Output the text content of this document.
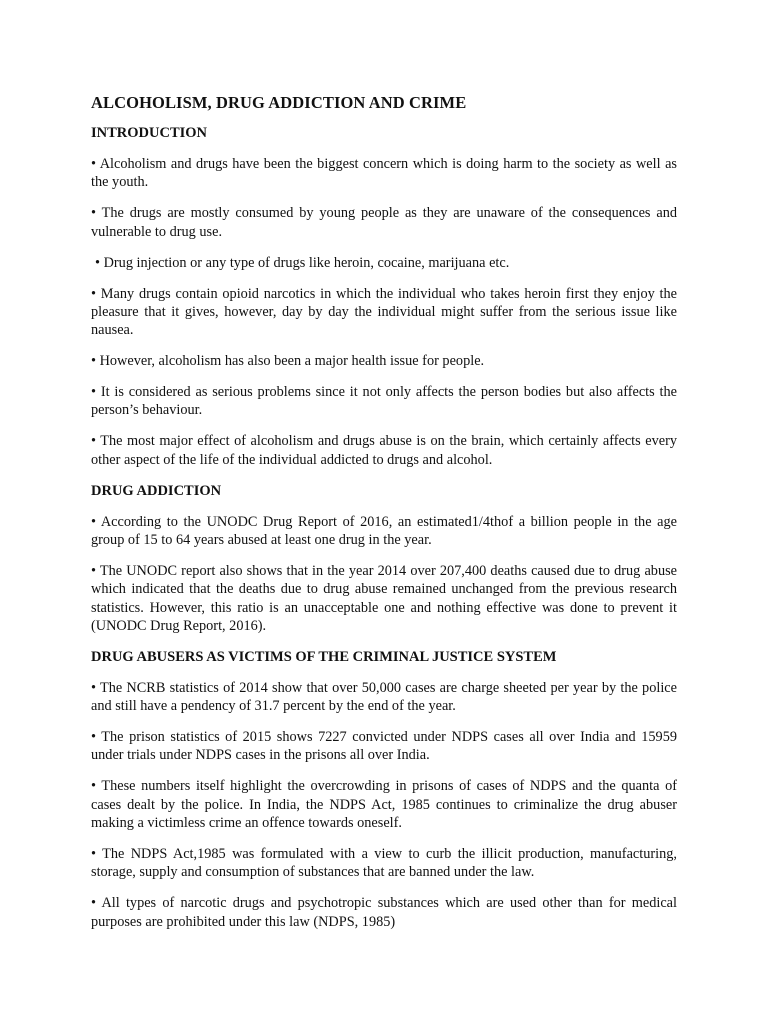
ALCOHOLISM, DRUG ADDICTION AND CRIME
INTRODUCTION

• Alcoholism and drugs have been the biggest concern which is doing harm to the society as well as the youth.

• The drugs are mostly consumed by young people as they are unaware of the consequences and vulnerable to drug use.

• Drug injection or any type of drugs like heroin, cocaine, marijuana etc.

• Many drugs contain opioid narcotics in which the individual who takes heroin first they enjoy the pleasure that it gives, however, day by day the individual might suffer from the serious issue like nausea.

• However, alcoholism has also been a major health issue for people.

• It is considered as serious problems since it not only affects the person bodies but also affects the person’s behaviour.

• The most major effect of alcoholism and drugs abuse is on the brain, which certainly affects every other aspect of the life of the individual addicted to drugs and alcohol.

DRUG ADDICTION

• According to the UNODC Drug Report of 2016, an estimated1/4thof a billion people in the age group of 15 to 64 years abused at least one drug in the year.

• The UNODC report also shows that in the year 2014 over 207,400 deaths caused due to drug abuse which indicated that the deaths due to drug abuse remained unchanged from the previous research statistics. However, this ratio is an unacceptable one and nothing effective was done to prevent it (UNODC Drug Report, 2016).

DRUG ABUSERS AS VICTIMS OF THE CRIMINAL JUSTICE SYSTEM

• The NCRB statistics of 2014 show that over 50,000 cases are charge sheeted per year by the police and still have a pendency of 31.7 percent by the end of the year.

• The prison statistics of 2015 shows 7227 convicted under NDPS cases all over India and 15959 under trials under NDPS cases in the prisons all over India.

• These numbers itself highlight the overcrowding in prisons of cases of NDPS and the quanta of cases dealt by the police. In India, the NDPS Act, 1985 continues to criminalize the drug abuser making a victimless crime an offence towards oneself.

• The NDPS Act,1985 was formulated with a view to curb the illicit production, manufacturing, storage, supply and consumption of substances that are banned under the law.

• All types of narcotic drugs and psychotropic substances which are used other than for medical purposes are prohibited under this law (NDPS, 1985)
